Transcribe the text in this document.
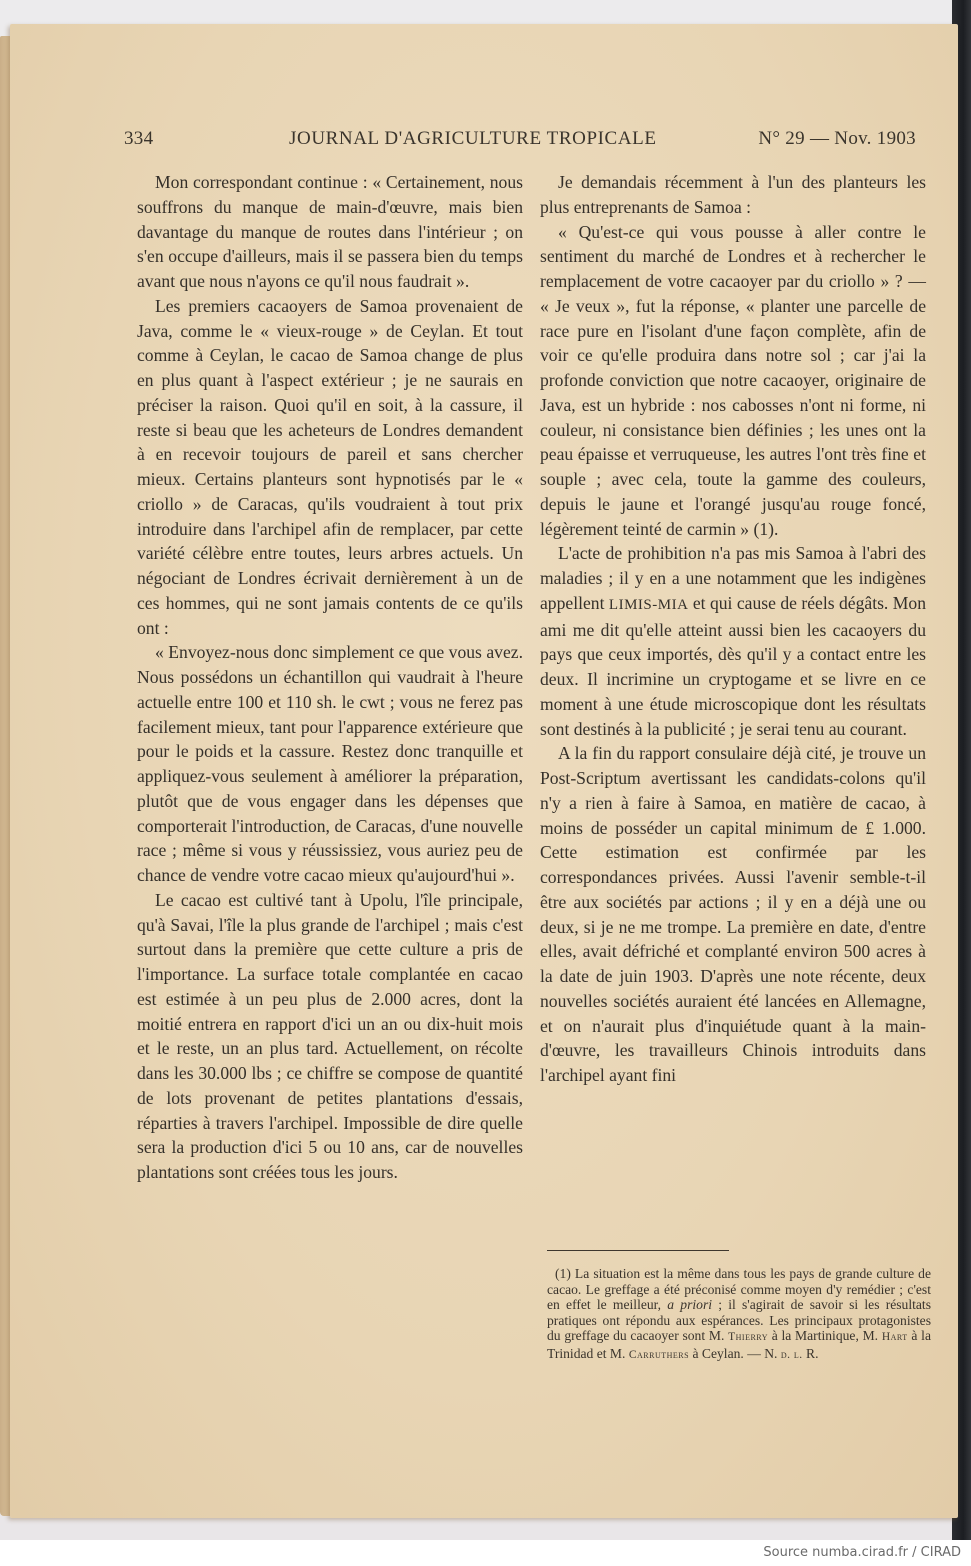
334	JOURNAL D'AGRICULTURE TROPICALE	N° 29 — Nov. 1903

Mon correspondant continue : « Certainement, nous souffrons du manque de main-d'œuvre, mais bien davantage du manque de routes dans l'intérieur ; on s'en occupe d'ailleurs, mais il se passera bien du temps avant que nous n'ayons ce qu'il nous faudrait ».

Les premiers cacaoyers de Samoa provenaient de Java, comme le « vieux-rouge » de Ceylan. Et tout comme à Ceylan, le cacao de Samoa change de plus en plus quant à l'aspect extérieur ; je ne saurais en préciser la raison. Quoi qu'il en soit, à la cassure, il reste si beau que les acheteurs de Londres demandent à en recevoir toujours de pareil et sans chercher mieux. Certains planteurs sont hypnotisés par le « criollo » de Caracas, qu'ils voudraient à tout prix introduire dans l'archipel afin de remplacer, par cette variété célèbre entre toutes, leurs arbres actuels. Un négociant de Londres écrivait dernièrement à un de ces hommes, qui ne sont jamais contents de ce qu'ils ont :

« Envoyez-nous donc simplement ce que vous avez. Nous possédons un échantillon qui vaudrait à l'heure actuelle entre 100 et 110 sh. le cwt ; vous ne ferez pas facilement mieux, tant pour l'apparence extérieure que pour le poids et la cassure. Restez donc tranquille et appliquez-vous seulement à améliorer la préparation, plutôt que de vous engager dans les dépenses que comporterait l'introduction, de Caracas, d'une nouvelle race ; même si vous y réussissiez, vous auriez peu de chance de vendre votre cacao mieux qu'aujourd'hui ».

Le cacao est cultivé tant à Upolu, l'île principale, qu'à Savai, l'île la plus grande de l'archipel ; mais c'est surtout dans la première que cette culture a pris de l'importance. La surface totale complantée en cacao est estimée à un peu plus de 2.000 acres, dont la moitié entrera en rapport d'ici un an ou dix-huit mois et le reste, un an plus tard. Actuellement, on récolte dans les 30.000 lbs ; ce chiffre se compose de quantité de lots provenant de petites plantations d'essais, réparties à travers l'archipel. Impossible de dire quelle sera la production d'ici 5 ou 10 ans, car de nouvelles plantations sont créées tous les jours.

Je demandais récemment à l'un des planteurs les plus entreprenants de Samoa :

« Qu'est-ce qui vous pousse à aller contre le sentiment du marché de Londres et à rechercher le remplacement de votre cacaoyer par du criollo » ? — « Je veux », fut la réponse, « planter une parcelle de race pure en l'isolant d'une façon complète, afin de voir ce qu'elle produira dans notre sol ; car j'ai la profonde conviction que notre cacaoyer, originaire de Java, est un hybride : nos cabosses n'ont ni forme, ni couleur, ni consistance bien définies ; les unes ont la peau épaisse et verruqueuse, les autres l'ont très fine et souple ; avec cela, toute la gamme des couleurs, depuis le jaune et l'orangé jusqu'au rouge foncé, légèrement teinté de carmin » (1).

L'acte de prohibition n'a pas mis Samoa à l'abri des maladies ; il y en a une notamment que les indigènes appellent LIMIS-MIA et qui cause de réels dégâts. Mon ami me dit qu'elle atteint aussi bien les cacaoyers du pays que ceux importés, dès qu'il y a contact entre les deux. Il incrimine un cryptogame et se livre en ce moment à une étude microscopique dont les résultats sont destinés à la publicité ; je serai tenu au courant.

A la fin du rapport consulaire déjà cité, je trouve un Post-Scriptum avertissant les candidats-colons qu'il n'y a rien à faire à Samoa, en matière de cacao, à moins de posséder un capital minimum de £ 1.000. Cette estimation est confirmée par les correspondances privées. Aussi l'avenir semble-t-il être aux sociétés par actions ; il y en a déjà une ou deux, si je ne me trompe. La première en date, d'entre elles, avait défriché et complanté environ 500 acres à la date de juin 1903. D'après une note récente, deux nouvelles sociétés auraient été lancées en Allemagne, et on n'aurait plus d'inquiétude quant à la main-d'œuvre, les travailleurs Chinois introduits dans l'archipel ayant fini

(1) La situation est la même dans tous les pays de grande culture de cacao. Le greffage a été préconisé comme moyen d'y remédier ; c'est en effet le meilleur, a priori ; il s'agirait de savoir si les résultats pratiques ont répondu aux espérances. Les principaux protagonistes du greffage du cacaoyer sont M. Thierry à la Martinique, M. Hart à la Trinidad et M. Carruthers à Ceylan. — N. d. l. R.

Source numba.cirad.fr / CIRAD
